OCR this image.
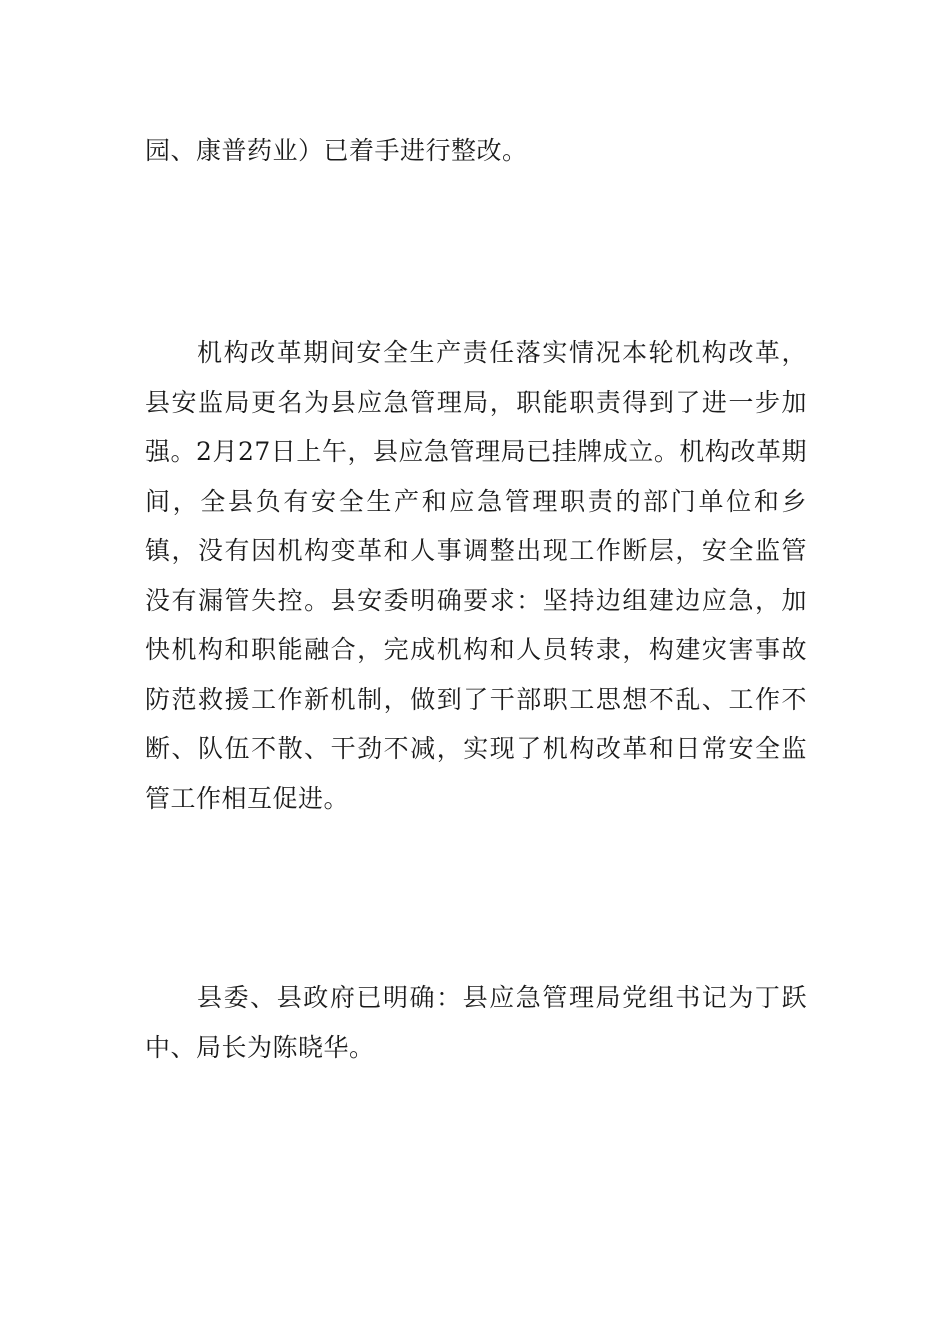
园、康普药业）已着手进行整改。

机构改革期间安全生产责任落实情况本轮机构改革，县安监局更名为县应急管理局，职能职责得到了进一步加强。2月27日上午，县应急管理局已挂牌成立。机构改革期间，全县负有安全生产和应急管理职责的部门单位和乡镇，没有因机构变革和人事调整出现工作断层，安全监管没有漏管失控。县安委明确要求：坚持边组建边应急，加快机构和职能融合，完成机构和人员转隶，构建灾害事故防范救援工作新机制，做到了干部职工思想不乱、工作不断、队伍不散、干劲不减，实现了机构改革和日常安全监管工作相互促进。

县委、县政府已明确：县应急管理局党组书记为丁跃中、局长为陈晓华。
